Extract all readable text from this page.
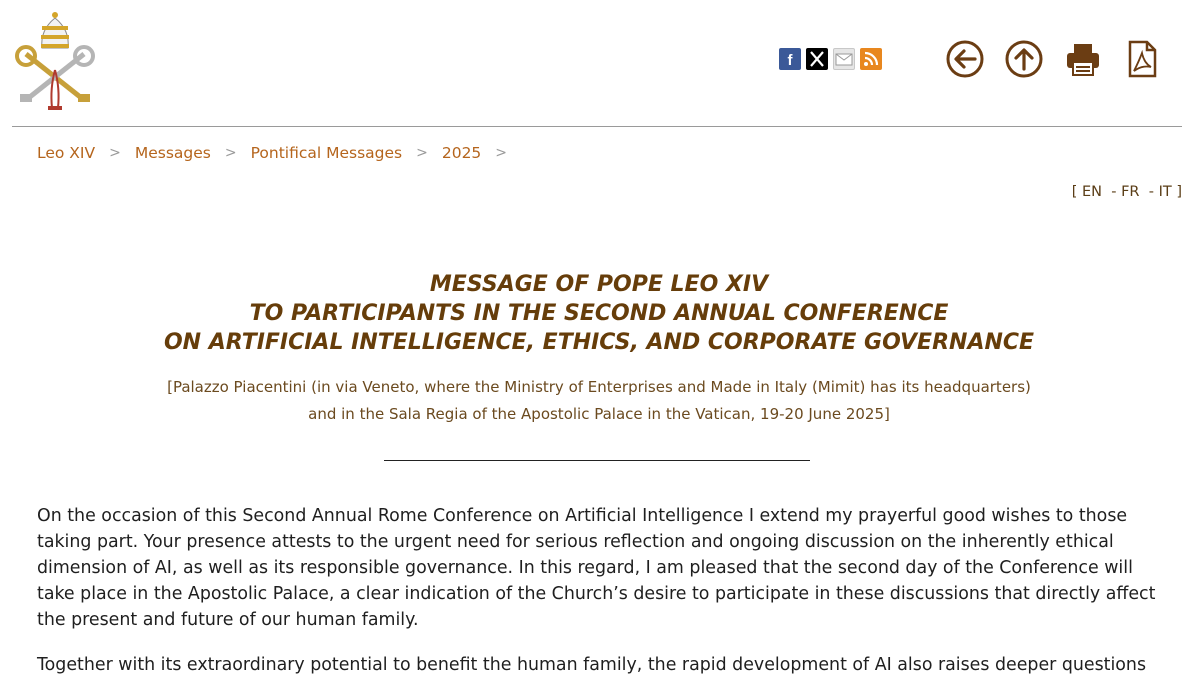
f
Leo XIV > Messages > Pontifical Messages > 2025 >
[ EN  - FR  - IT ]
MESSAGE OF POPE LEO XIV
TO PARTICIPANTS IN THE SECOND ANNUAL CONFERENCE
ON ARTIFICIAL INTELLIGENCE, ETHICS, AND CORPORATE GOVERNANCE
[Palazzo Piacentini (in via Veneto, where the Ministry of Enterprises and Made in Italy (Mimit) has its headquarters)
and in the Sala Regia of the Apostolic Palace in the Vatican, 19-20 June 2025]

On the occasion of this Second Annual Rome Conference on Artificial Intelligence I extend my prayerful good wishes to those taking part. Your presence attests to the urgent need for serious reflection and ongoing discussion on the inherently ethical dimension of AI, as well as its responsible governance. In this regard, I am pleased that the second day of the Conference will take place in the Apostolic Palace, a clear indication of the Church’s desire to participate in these discussions that directly affect the present and future of our human family.

Together with its extraordinary potential to benefit the human family, the rapid development of AI also raises deeper questions
